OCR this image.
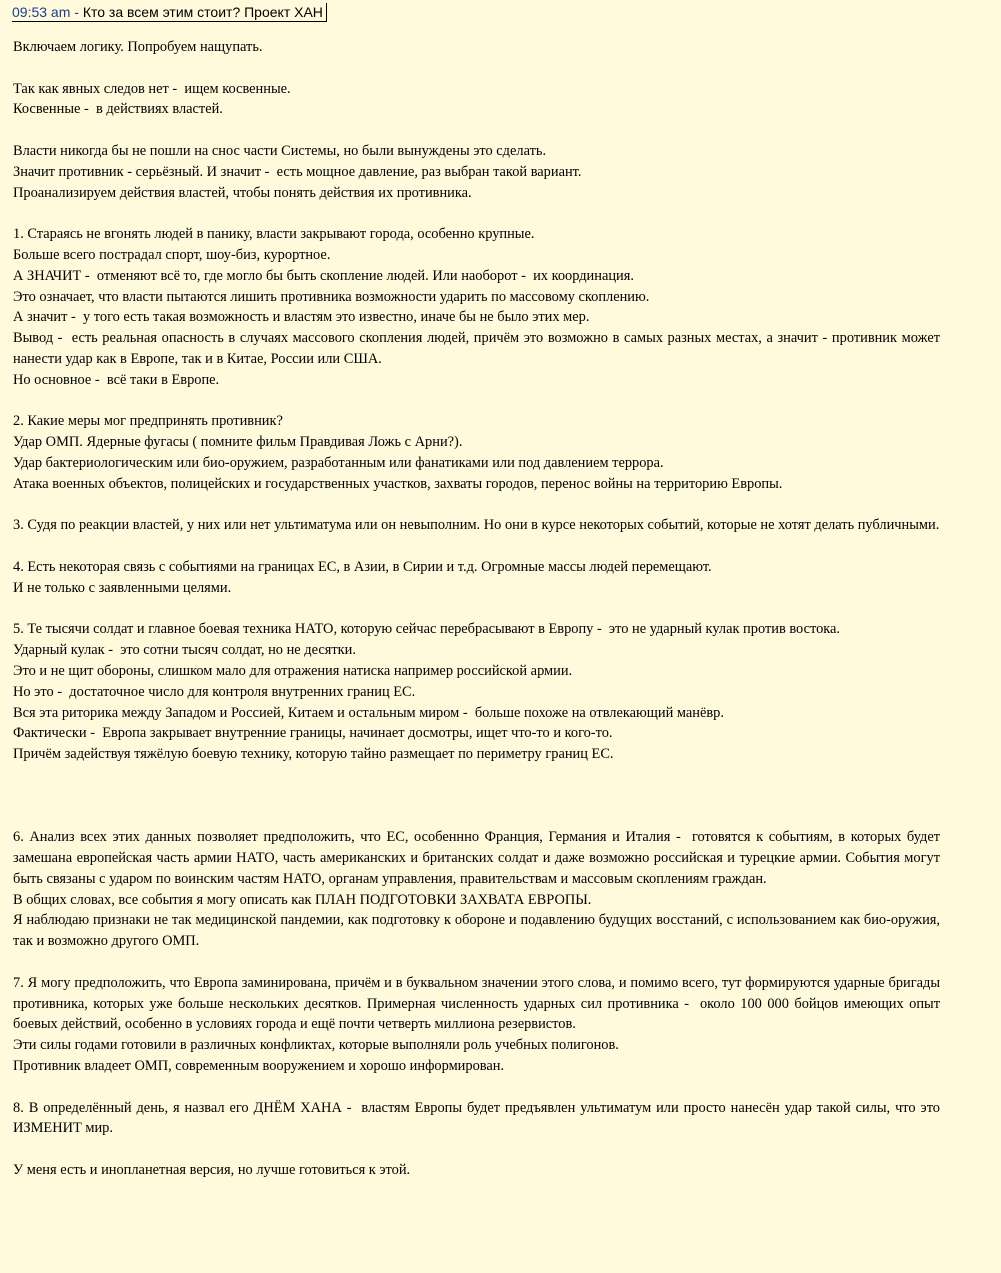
09:53 am - Кто за всем этим стоит? Проект ХАН
Включаем логику. Попробуем нащупать.
Так как явных следов нет -  ищем косвенные.
Косвенные -  в действиях властей.
Власти никогда бы не пошли на снос части Системы, но были вынуждены это сделать.
Значит противник - серьёзный. И значит -  есть мощное давление, раз выбран такой вариант.
Проанализируем действия властей, чтобы понять действия их противника.
1. Стараясь не вгонять людей в панику, власти закрывают города, особенно крупные.
Больше всего пострадал спорт, шоу-биз, курортное.
А ЗНАЧИТ -  отменяют всё то, где могло бы быть скопление людей. Или наоборот -  их координация.
Это означает, что власти пытаются лишить противника возможности ударить по массовому скоплению.
А значит -  у того есть такая возможность и властям это известно, иначе бы не было этих мер.
Вывод -  есть реальная опасность в случаях массового скопления людей, причём это возможно в самых разных местах, а значит - противник может нанести удар как в Европе, так и в Китае, России или США.
Но основное -  всё таки в Европе.
2. Какие меры мог предпринять противник?
Удар ОМП. Ядерные фугасы ( помните фильм Правдивая Ложь с Арни?).
Удар бактериологическим или био-оружием, разработанным или фанатиками или под давлением террора.
Атака военных объектов, полицейских и государственных участков, захваты городов, перенос войны на территорию Европы.
3. Судя по реакции властей, у них или нет ультиматума или он невыполним. Но они в курсе некоторых событий, которые не хотят делать публичными.
4. Есть некоторая связь с событиями на границах ЕС, в Азии, в Сирии и т.д. Огромные массы людей перемещают.
И не только с заявленными целями.
5. Те тысячи солдат и главное боевая техника НАТО, которую сейчас перебрасывают в Европу -  это не ударный кулак против востока.
Ударный кулак -  это сотни тысяч солдат, но не десятки.
Это и не щит обороны, слишком мало для отражения натиска например российской армии.
Но это -  достаточное число для контроля внутренних границ ЕС.
Вся эта риторика между Западом и Россией, Китаем и остальным миром -  больше похоже на отвлекающий манёвр.
Фактически -  Европа закрывает внутренние границы, начинает досмотры, ищет что-то и кого-то.
Причём задействуя тяжёлую боевую технику, которую тайно размещает по периметру границ ЕС.
6. Анализ всех этих данных позволяет предположить, что ЕС, особеннно Франция, Германия и Италия -  готовятся к событиям, в которых будет замешана европейская часть армии НАТО, часть американских и британских солдат и даже возможно российская и турецкие армии. События могут быть связаны с ударом по воинским частям НАТО, органам управления, правительствам и массовым скоплениям граждан.
В общих словах, все события я могу описать как ПЛАН ПОДГОТОВКИ ЗАХВАТА ЕВРОПЫ.
Я наблюдаю признаки не так медицинской пандемии, как подготовку к обороне и подавлению будущих восстаний, с использованием как био-оружия, так и возможно другого ОМП.
7. Я могу предположить, что Европа заминирована, причём и в буквальном значении этого слова, и помимо всего, тут формируются ударные бригады противника, которых уже больше нескольких десятков. Примерная численность ударных сил противника -  около 100 000 бойцов имеющих опыт боевых действий, особенно в условиях города и ещё почти четверть миллиона резервистов.
Эти силы годами готовили в различных конфликтах, которые выполняли роль учебных полигонов.
Противник владеет ОМП, современным вооружением и хорошо информирован.
8. В определённый день, я назвал его ДНЁМ ХАНА -  властям Европы будет предъявлен ультиматум или просто нанесён удар такой силы, что это ИЗМЕНИТ мир.
У меня есть и инопланетная версия, но лучше готовиться к этой.
